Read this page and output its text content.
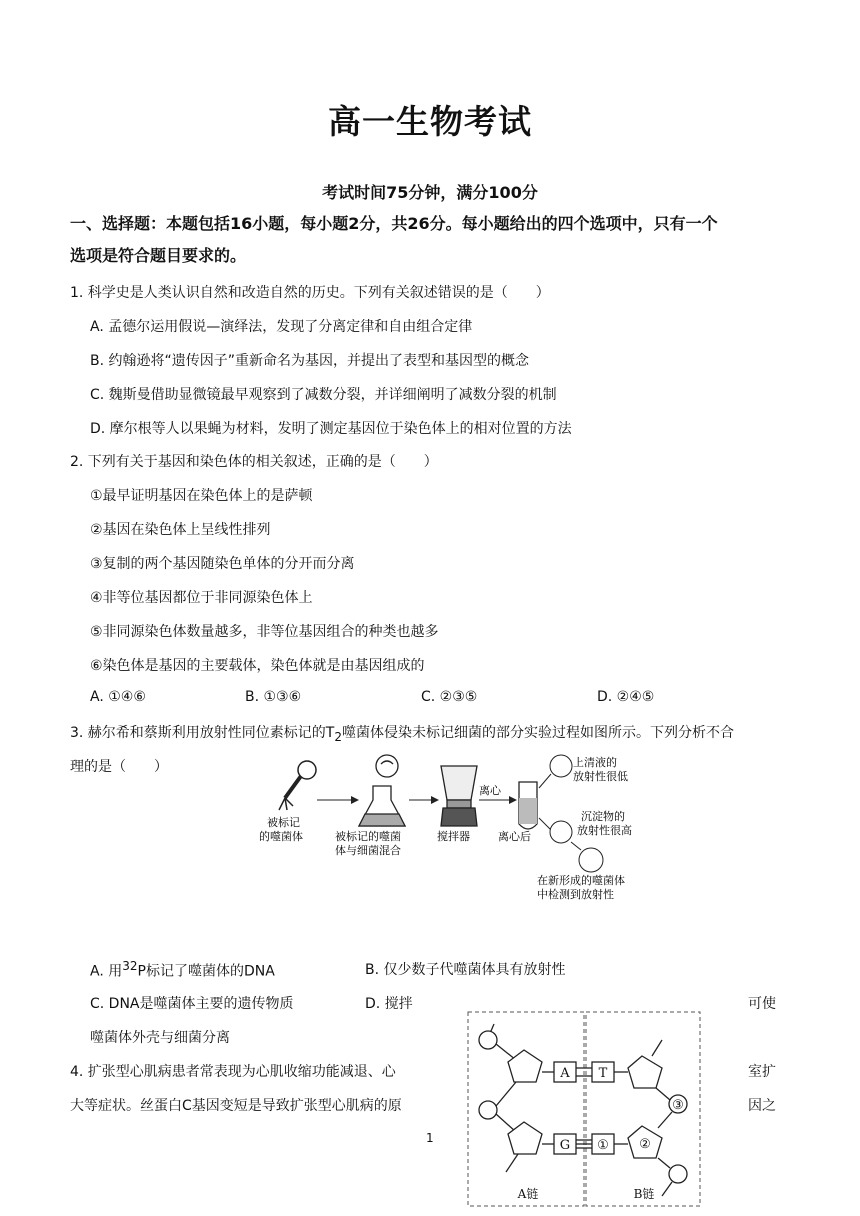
高一生物考试
考试时间75分钟，满分100分
一、选择题：本题包括16小题，每小题2分，共26分。每小题给出的四个选项中，只有一个
选项是符合题目要求的。
1. 科学史是人类认识自然和改造自然的历史。下列有关叙述错误的是（　　）
A. 孟德尔运用假说—演绎法，发现了分离定律和自由组合定律
B. 约翰逊将“遗传因子”重新命名为基因，并提出了表型和基因型的概念
C. 魏斯曼借助显微镜最早观察到了减数分裂，并详细阐明了减数分裂的机制
D. 摩尔根等人以果蝇为材料，发明了测定基因位于染色体上的相对位置的方法
2. 下列有关于基因和染色体的相关叙述，正确的是（　　）
①最早证明基因在染色体上的是萨顿
②基因在染色体上呈线性排列
③复制的两个基因随染色单体的分开而分离
④非等位基因都位于非同源染色体上
⑤非同源染色体数量越多，非等位基因组合的种类也越多
⑥染色体是基因的主要载体，染色体就是由基因组成的
A. ①④⑥	B. ①③⑥	C. ②③⑤	D. ②④⑤
3. 赫尔希和蔡斯利用放射性同位素标记的$T_2$噬菌体侵染未标记细菌的部分实验过程如图所示。下列分析不合
理的是（　　）
被标记
的噬菌体	被标记的噬菌
体与细菌混合
搅拌器
离心
离心后
上清液的
放射性很低
沉淀物的
放射性很高
在新形成的噬菌体
中检测到放射性
A. 用$^{32}$P标记了噬菌体的DNA	B. 仅少数子代噬菌体具有放射性
C. DNA是噬菌体主要的遗传物质	D. 搅拌	可使
噬菌体外壳与细菌分离
4. 扩张型心肌病患者常表现为心肌收缩功能减退、心	室扩
大等症状。丝蛋白C基因变短是导致扩张型心肌病的原	因之
A
G
T
① ②
③
A链	B链
1
